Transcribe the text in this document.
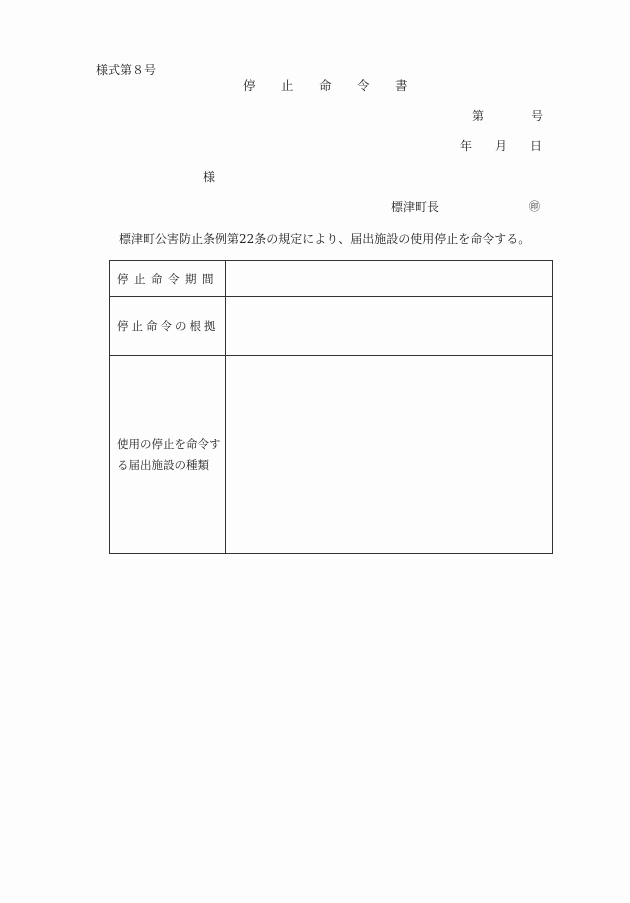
様式第８号
停止命令書
第	号
年 月 日
様
標津町長	㊞
標津町公害防止条例第22条の規定により、届出施設の使用停止を命令する。
停止命令期間	
停止命令の根拠	

使用の停止を命令する届出施設の種類	
